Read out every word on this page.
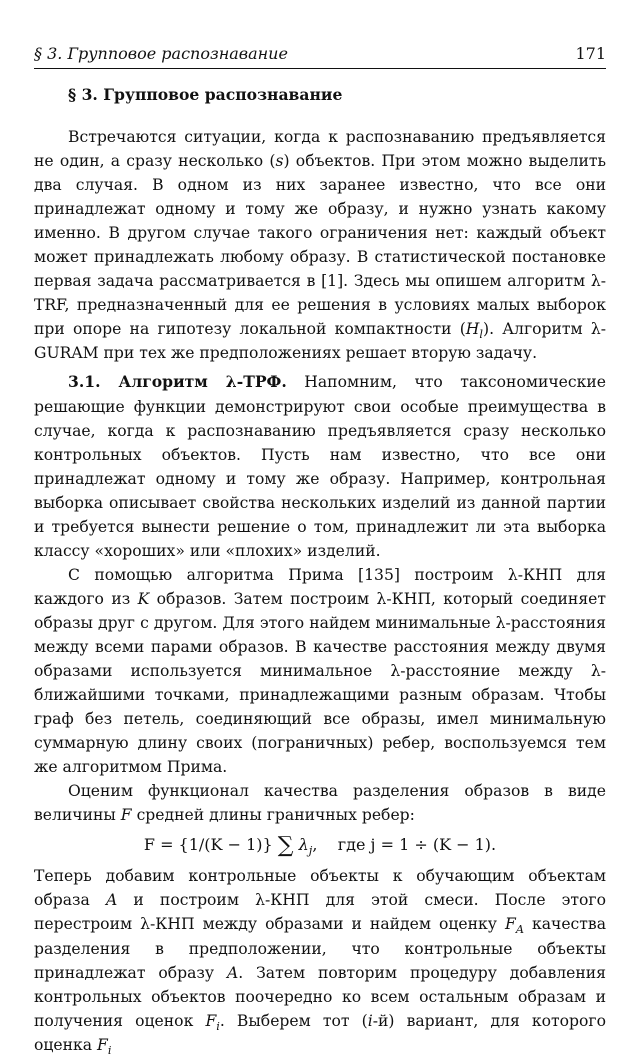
§ 3. Групповое распознавание	171
§ 3. Групповое распознавание

Встречаются ситуации, когда к распознаванию предъявляется не один, а сразу несколько (s) объектов. При этом можно выделить два случая. В одном из них заранее известно, что все они принадлежат одному и тому же образу, и нужно узнать какому именно. В другом случае такого ограничения нет: каждый объект может принадлежать любому образу. В статистической постановке первая задача рассматривается в [1]. Здесь мы опишем алгоритм λ-TRF, предназначенный для ее решения в условиях малых выборок при опоре на гипотезу локальной компактности $(H_l)$. Алгоритм λ-GURAM при тех же предположениях решает вторую задачу.

3.1. Алгоритм λ-ТРФ. Напомним, что таксономические решающие функции демонстрируют свои особые преимущества в случае, когда к распознаванию предъявляется сразу несколько контрольных объектов. Пусть нам известно, что все они принадлежат одному и тому же образу. Например, контрольная выборка описывает свойства нескольких изделий из данной партии и требуется вынести решение о том, принадлежит ли эта выборка классу «хороших» или «плохих» изделий.

С помощью алгоритма Прима [135] построим λ-КНП для каждого из K образов. Затем построим λ-КНП, который соединяет образы друг с другом. Для этого найдем минимальные λ-расстояния между всеми парами образов. В качестве расстояния между двумя образами используется минимальное λ-расстояние между λ-ближайшими точками, принадлежащими разным образам. Чтобы граф без петель, соединяющий все образы, имел минимальную суммарную длину своих (пограничных) ребер, воспользуемся тем же алгоритмом Прима.

Оценим функционал качества разделения образов в виде величины F средней длины граничных ребер:

F = {1/(K − 1)} ∑ $\lambda_j$,    где j = 1 ÷ (K − 1).

Теперь добавим контрольные объекты к обучающим объектам образа A и построим λ-КНП для этой смеси. После этого перестроим λ-КНП между образами и найдем оценку $F_A$ качества разделения в предположении, что контрольные объекты принадлежат образу A. Затем повторим процедуру добавления контрольных объектов поочередно ко всем остальным образам и получения оценок $F_i$. Выберем тот (i-й) вариант, для которого оценка $F_i$
